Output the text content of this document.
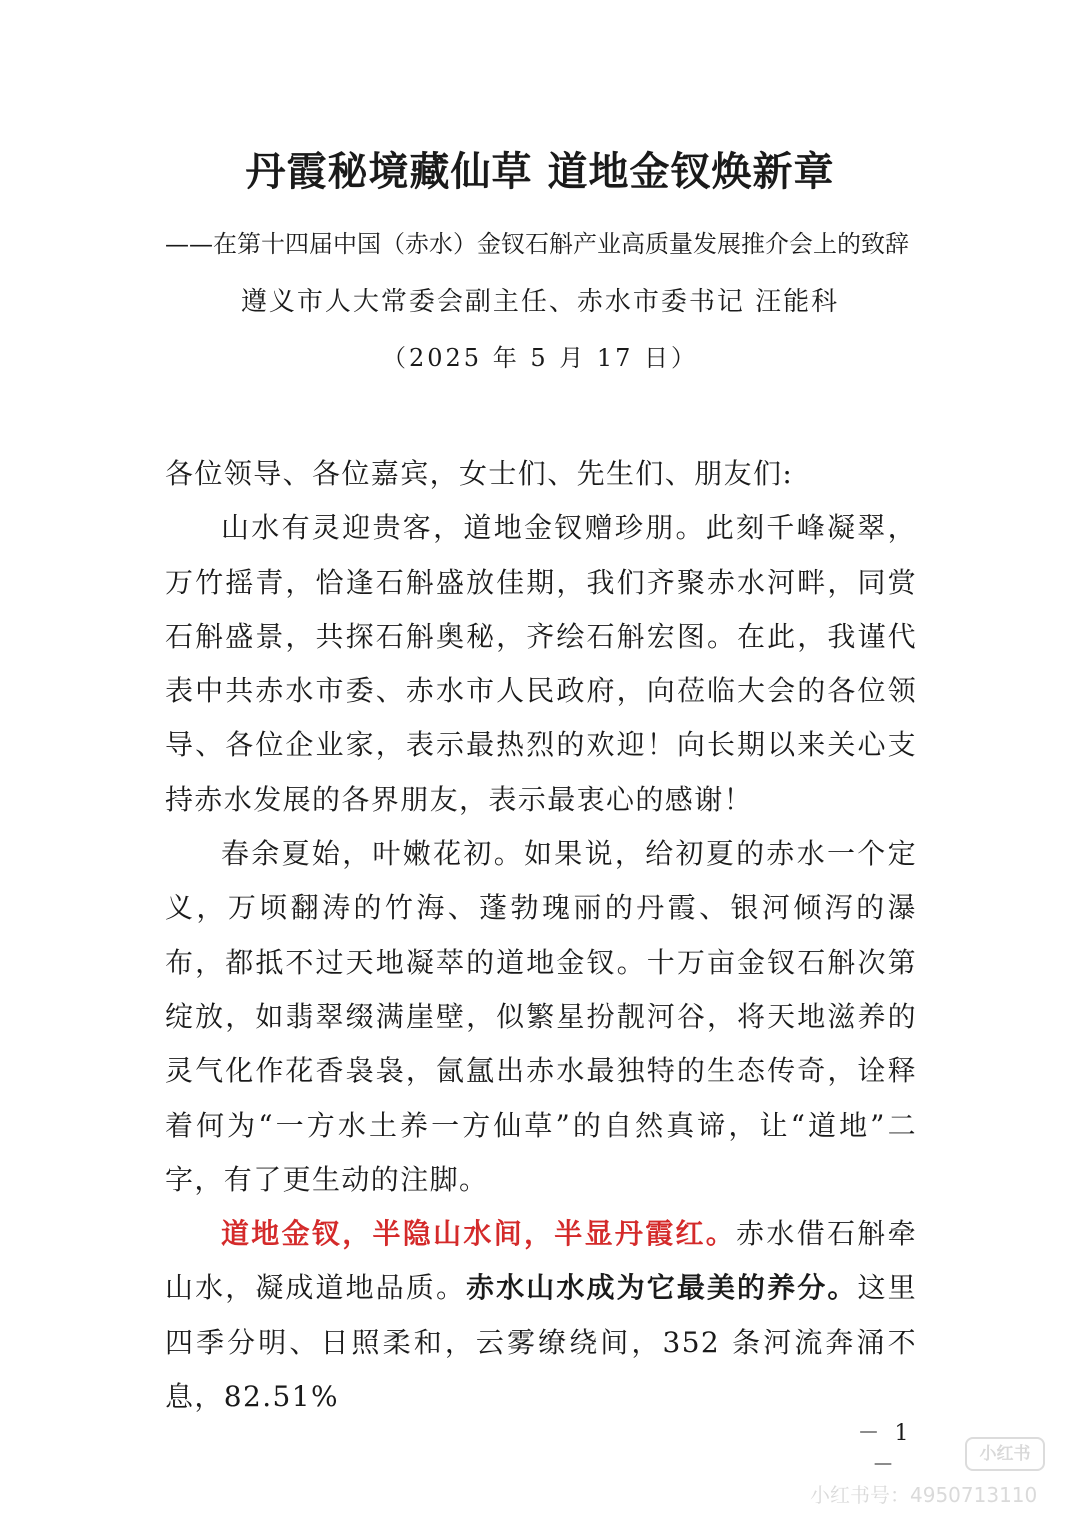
丹霞秘境藏仙草 道地金钗焕新章
——在第十四届中国（赤水）金钗石斛产业高质量发展推介会上的致辞
遵义市人大常委会副主任、赤水市委书记 汪能科
（2025 年 5 月 17 日）

各位领导、各位嘉宾，女士们、先生们、朋友们:

山水有灵迎贵客，道地金钗赠珍朋。此刻千峰凝翠，万竹摇青，恰逢石斛盛放佳期，我们齐聚赤水河畔，同赏石斛盛景，共探石斛奥秘，齐绘石斛宏图。在此，我谨代表中共赤水市委、赤水市人民政府，向莅临大会的各位领导、各位企业家，表示最热烈的欢迎！向长期以来关心支持赤水发展的各界朋友，表示最衷心的感谢！

春余夏始，叶嫩花初。如果说，给初夏的赤水一个定义，万顷翻涛的竹海、蓬勃瑰丽的丹霞、银河倾泻的瀑布，都抵不过天地凝萃的道地金钗。十万亩金钗石斛次第绽放，如翡翠缀满崖壁，似繁星扮靓河谷，将天地滋养的灵气化作花香袅袅，氤氲出赤水最独特的生态传奇，诠释着何为“一方水土养一方仙草”的自然真谛，让“道地”二字，有了更生动的注脚。

道地金钗，半隐山水间，半显丹霞红。赤水借石斛牵山水，凝成道地品质。赤水山水成为它最美的养分。这里四季分明、日照柔和，云雾缭绕间，352 条河流奔涌不息，82.51%

－ 1 －	小红书
小红书号：4950713110
